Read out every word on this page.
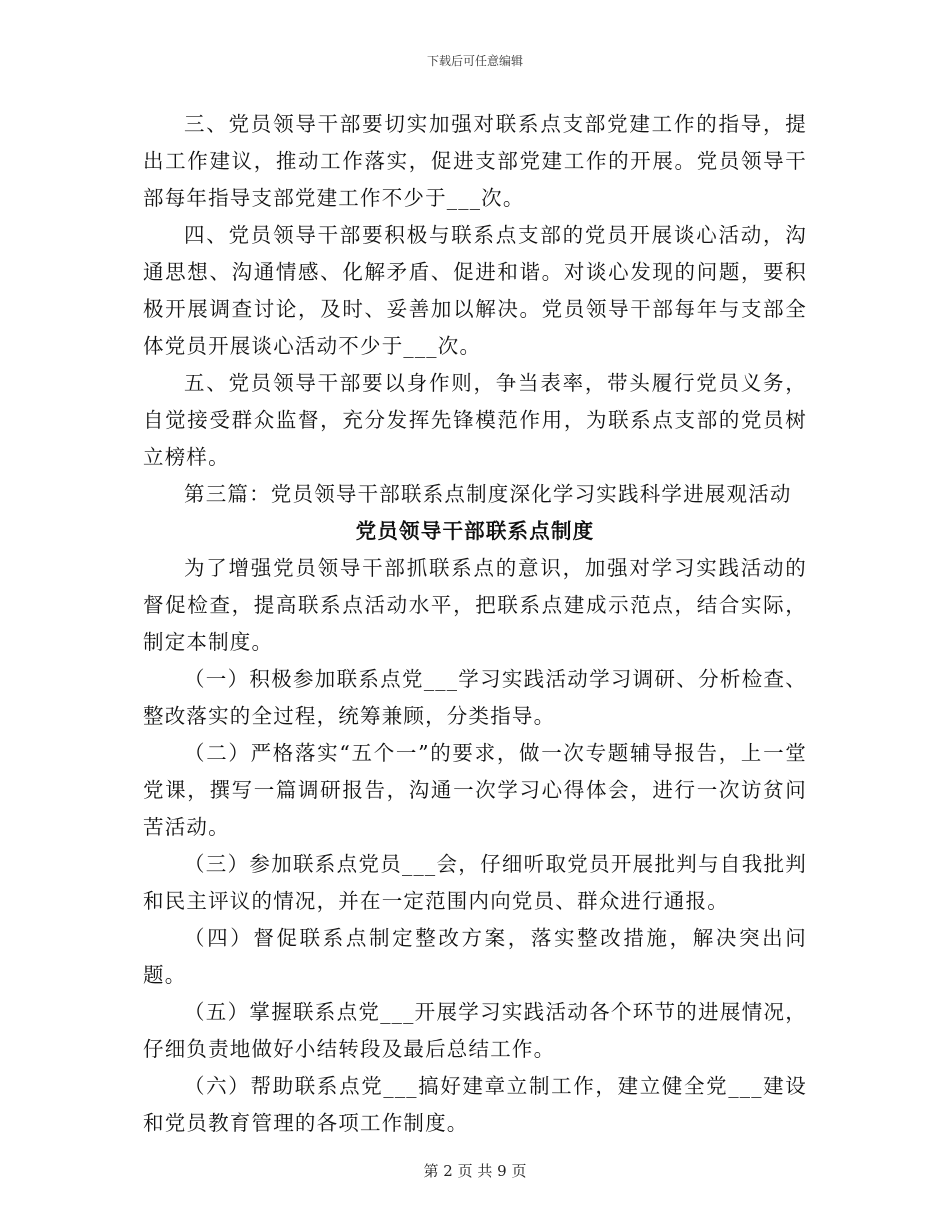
下载后可任意编辑

三、党员领导干部要切实加强对联系点支部党建工作的指导，提出工作建议，推动工作落实，促进支部党建工作的开展。党员领导干部每年指导支部党建工作不少于___次。

四、党员领导干部要积极与联系点支部的党员开展谈心活动，沟通思想、沟通情感、化解矛盾、促进和谐。对谈心发现的问题，要积极开展调查讨论，及时、妥善加以解决。党员领导干部每年与支部全体党员开展谈心活动不少于___次。

五、党员领导干部要以身作则，争当表率，带头履行党员义务，自觉接受群众监督，充分发挥先锋模范作用，为联系点支部的党员树立榜样。

第三篇：党员领导干部联系点制度深化学习实践科学进展观活动

党员领导干部联系点制度

为了增强党员领导干部抓联系点的意识，加强对学习实践活动的督促检查，提高联系点活动水平，把联系点建成示范点，结合实际，制定本制度。

（一）积极参加联系点党___学习实践活动学习调研、分析检查、整改落实的全过程，统筹兼顾，分类指导。

（二）严格落实“五个一”的要求，做一次专题辅导报告，上一堂党课，撰写一篇调研报告，沟通一次学习心得体会，进行一次访贫问苦活动。

（三）参加联系点党员___会，仔细听取党员开展批判与自我批判和民主评议的情况，并在一定范围内向党员、群众进行通报。

（四）督促联系点制定整改方案，落实整改措施，解决突出问题。

（五）掌握联系点党___开展学习实践活动各个环节的进展情况，仔细负责地做好小结转段及最后总结工作。

（六）帮助联系点党___搞好建章立制工作，建立健全党___建设和党员教育管理的各项工作制度。

第 2 页 共 9 页
